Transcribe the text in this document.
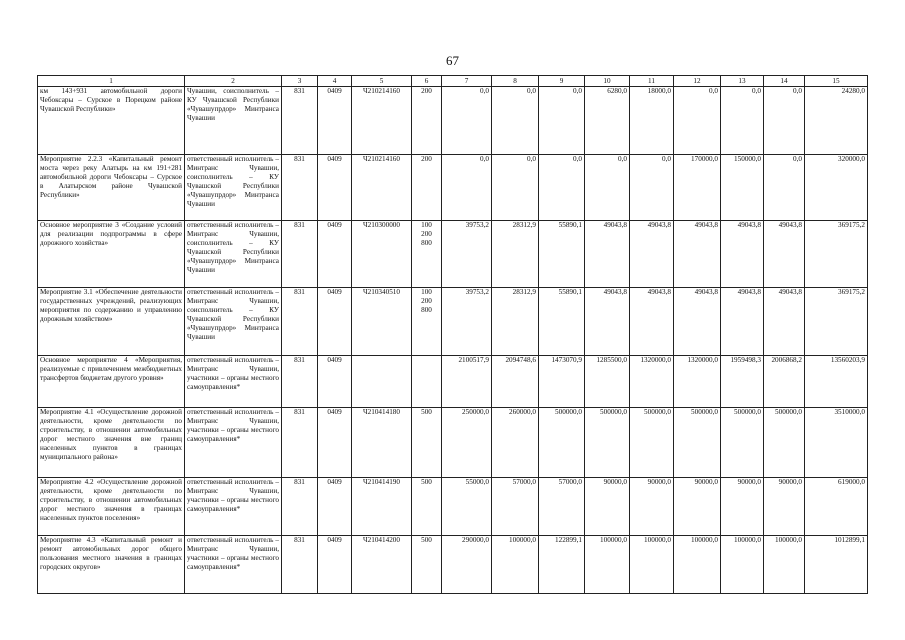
67
1	2	3	4	5	6	7	8	9	10	11	12	13	14	15
км 143+931 автомобильной дороги Чебоксары – Сурское в Порецком районе Чувашской Республики»	Чувашии, соисполнитель – КУ Чувашской Республики «Чувашупрдор» Минтранса Чувашии	831	0409	Ч210214160	200	0,0	0,0	0,0	6280,0	18000,0	0,0	0,0	0,0	24280,0
Мероприятие 2.2.3 «Капитальный ремонт моста через реку Алатырь на км 191+281 автомобильной дороги Чебоксары – Сурское в Алатырском районе Чувашской Республики»	ответственный исполнитель – Минтранс Чувашии, соисполнитель – КУ Чувашской Республики «Чувашупрдор» Минтранса Чувашии	831	0409	Ч210214160	200	0,0	0,0	0,0	0,0	0,0	170000,0	150000,0	0,0	320000,0
Основное мероприятие 3 «Создание условий для реализации подпрограммы в сфере дорожного хозяйства»	ответственный исполнитель – Минтранс Чувашии, соисполнитель – КУ Чувашской Республики «Чувашупрдор» Минтранса Чувашии	831	0409	Ч210300000	100
200
800	39753,2	28312,9	55890,1	49043,8	49043,8	49043,8	49043,8	49043,8	369175,2
Мероприятие 3.1 «Обеспечение деятельности государственных учреждений, реализующих мероприятия по содержанию и управлению дорожным хозяйством»	ответственный исполнитель – Минтранс Чувашии, соисполнитель – КУ Чувашской Республики «Чувашупрдор» Минтранса Чувашии	831	0409	Ч210340510	100
200
800	39753,2	28312,9	55890,1	49043,8	49043,8	49043,8	49043,8	49043,8	369175,2
Основное мероприятие 4 «Мероприятия, реализуемые с привлечением межбюджетных трансфертов бюджетам другого уровня»	ответственный исполнитель – Минтранс Чувашии, участники – органы местного самоуправления*	831	0409			2100517,9	2094748,6	1473070,9	1285500,0	1320000,0	1320000,0	1959498,3	2006868,2	13560203,9
Мероприятие 4.1 «Осуществление дорожной деятельности, кроме деятельности по строительству, в отношении автомобильных дорог местного значения вне границ населенных пунктов в границах муниципального района»	ответственный исполнитель – Минтранс Чувашии, участники – органы местного самоуправления*	831	0409	Ч210414180	500	250000,0	260000,0	500000,0	500000,0	500000,0	500000,0	500000,0	500000,0	3510000,0
Мероприятие 4.2 «Осуществление дорожной деятельности, кроме деятельности по строительству, в отношении автомобильных дорог местного значения в границах населенных пунктов поселения»	ответственный исполнитель – Минтранс Чувашии, участники – органы местного самоуправления*	831	0409	Ч210414190	500	55000,0	57000,0	57000,0	90000,0	90000,0	90000,0	90000,0	90000,0	619000,0
Мероприятие 4.3 «Капитальный ремонт и ремонт автомобильных дорог общего пользования местного значения в границах городских округов»	ответственный исполнитель – Минтранс Чувашии, участники – органы местного самоуправления*	831	0409	Ч210414200	500	290000,0	100000,0	122899,1	100000,0	100000,0	100000,0	100000,0	100000,0	1012899,1
